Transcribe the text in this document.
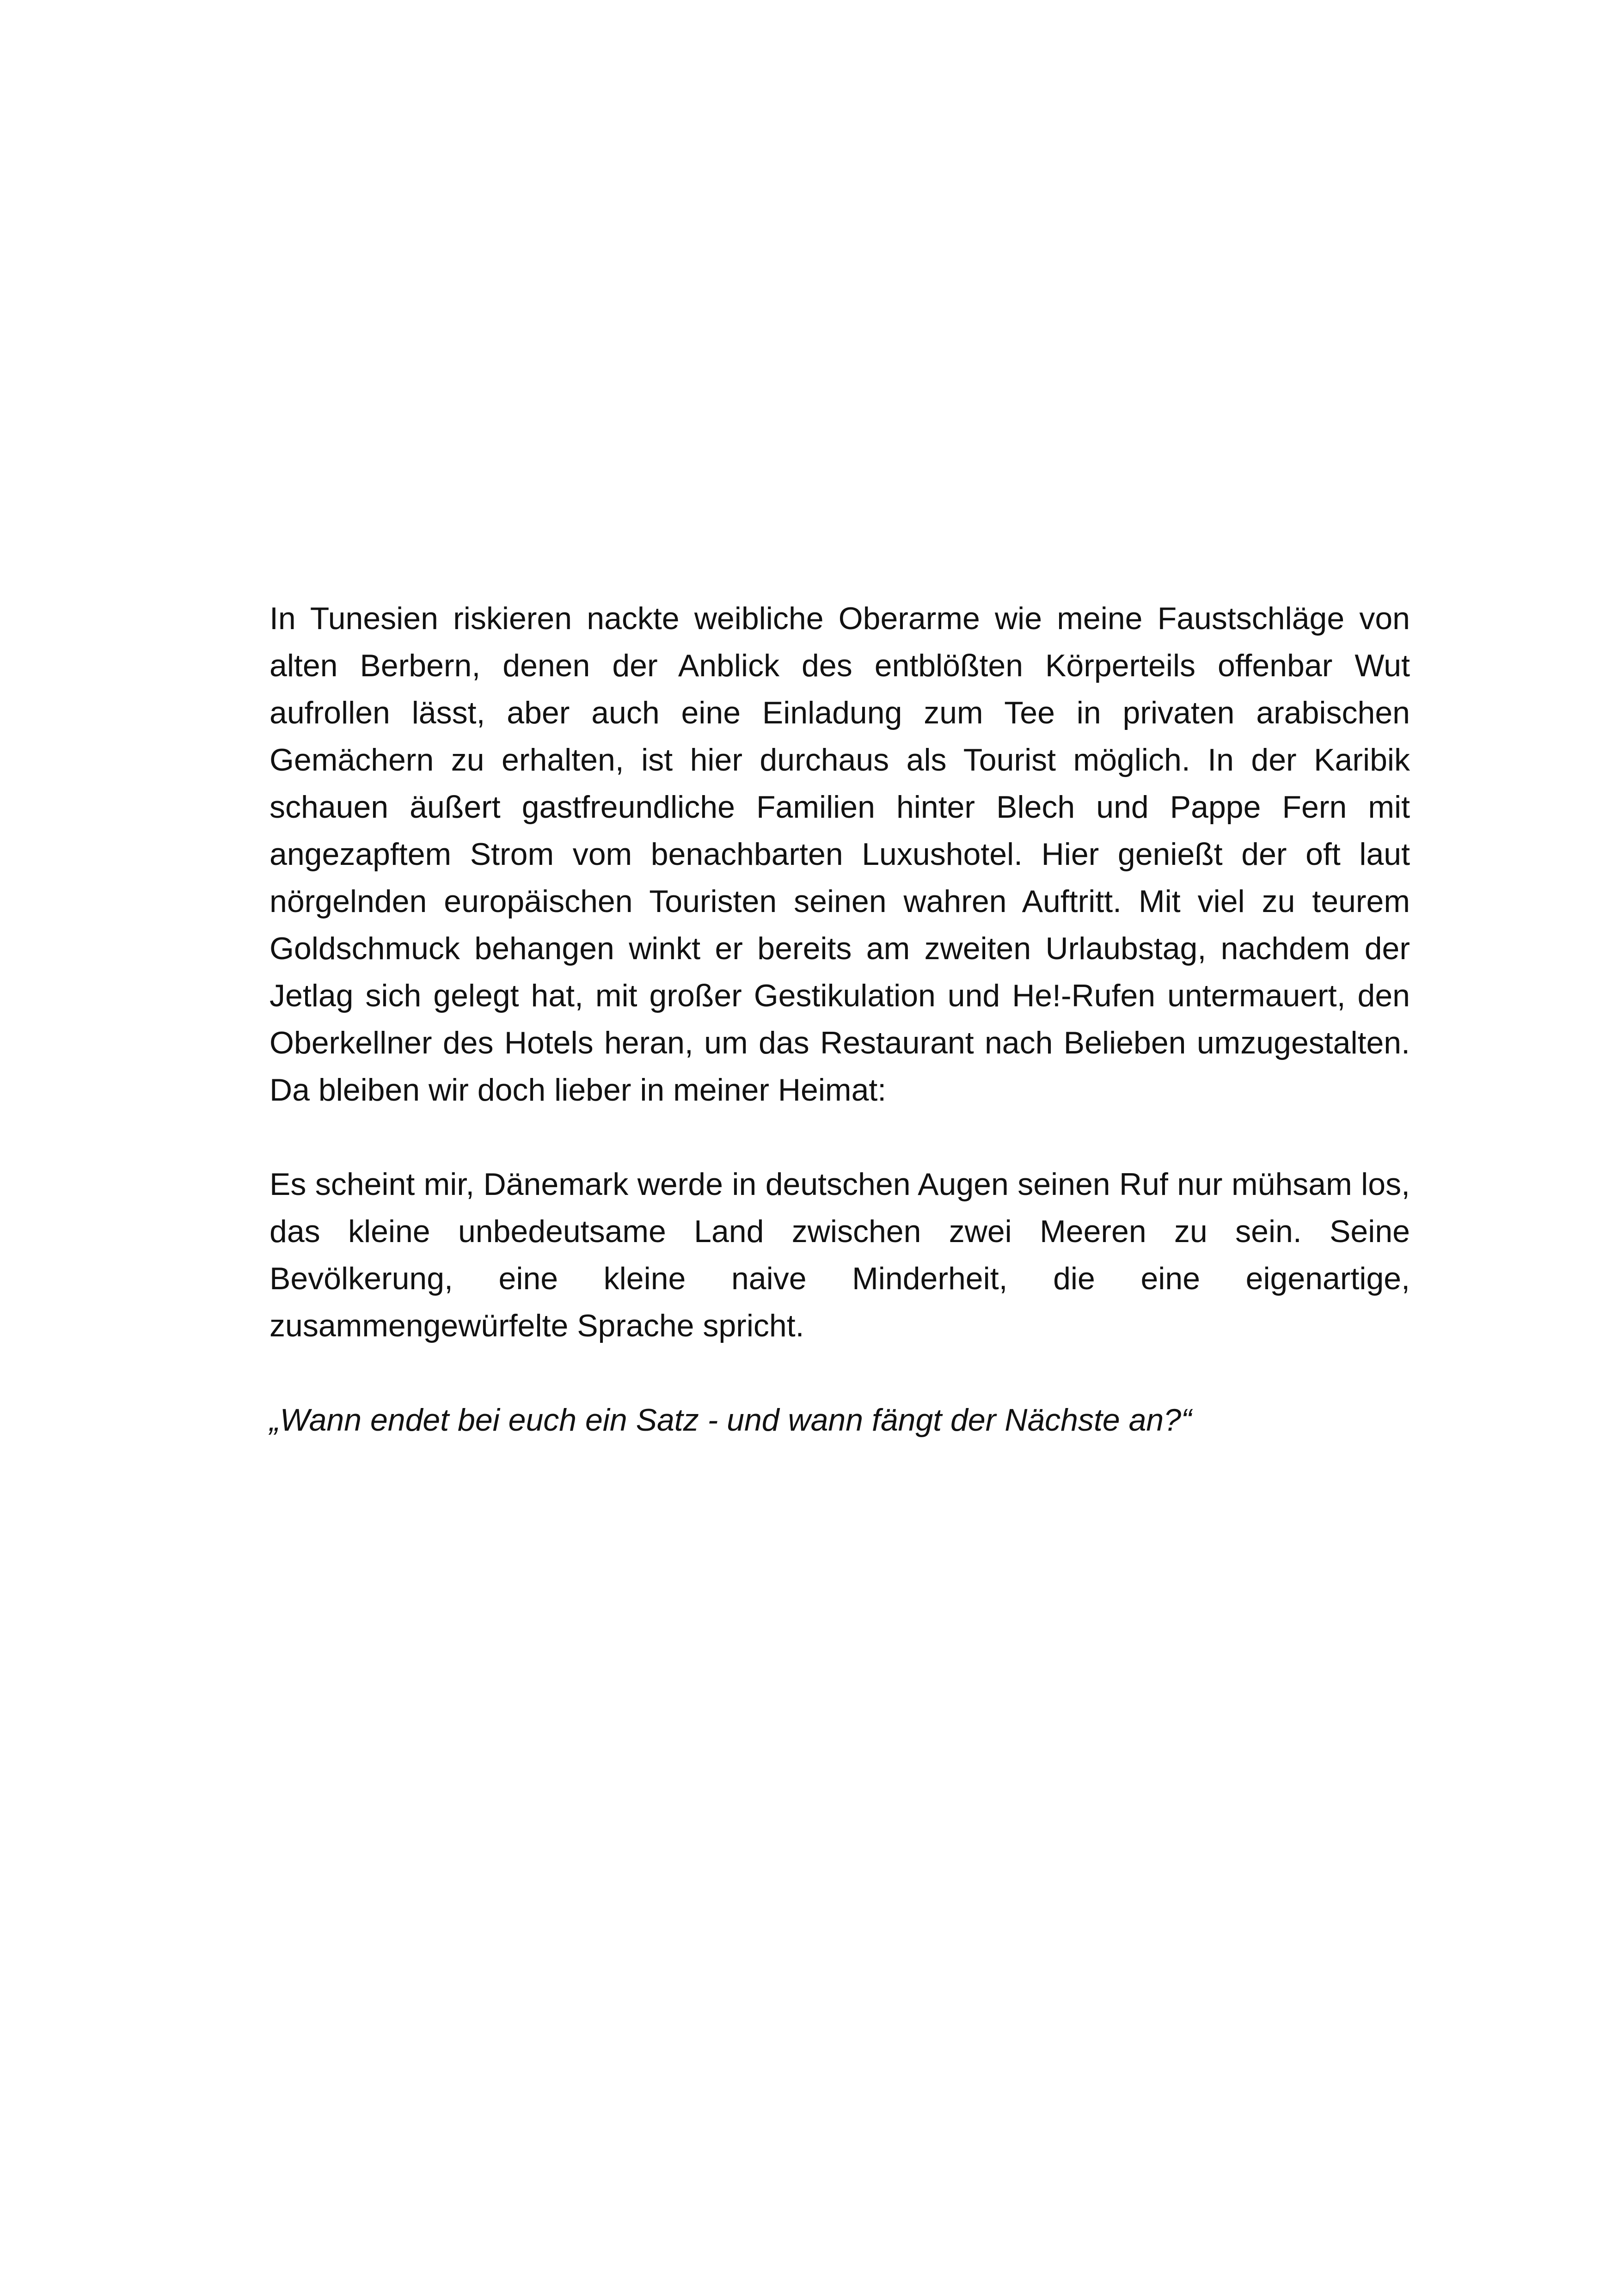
In Tunesien riskieren nackte weibliche Oberarme wie meine Faustschläge von alten Berbern, denen der Anblick des entblößten Körperteils offenbar Wut aufrollen lässt, aber auch eine Einladung zum Tee in privaten arabischen Gemächern zu erhalten, ist hier durchaus als Tourist möglich. In der Karibik schauen äußert gastfreundliche Familien hinter Blech und Pappe Fern mit angezapftem Strom vom benachbarten Luxushotel. Hier genießt der oft laut nörgelnden europäischen Touristen seinen wahren Auftritt. Mit viel zu teurem Goldschmuck behangen winkt er bereits am zweiten Urlaubstag, nachdem der Jetlag sich gelegt hat, mit großer Gestikulation und He!-Rufen untermauert, den Oberkellner des Hotels heran, um das Restaurant nach Belieben umzugestalten. Da bleiben wir doch lieber in meiner Heimat:

Es scheint mir, Dänemark werde in deutschen Augen seinen Ruf nur mühsam los, das kleine unbedeutsame Land zwischen zwei Meeren zu sein. Seine Bevölkerung, eine kleine naive Minderheit, die eine eigenartige, zusammengewürfelte Sprache spricht.

„Wann endet bei euch ein Satz - und wann fängt der Nächste an?“
